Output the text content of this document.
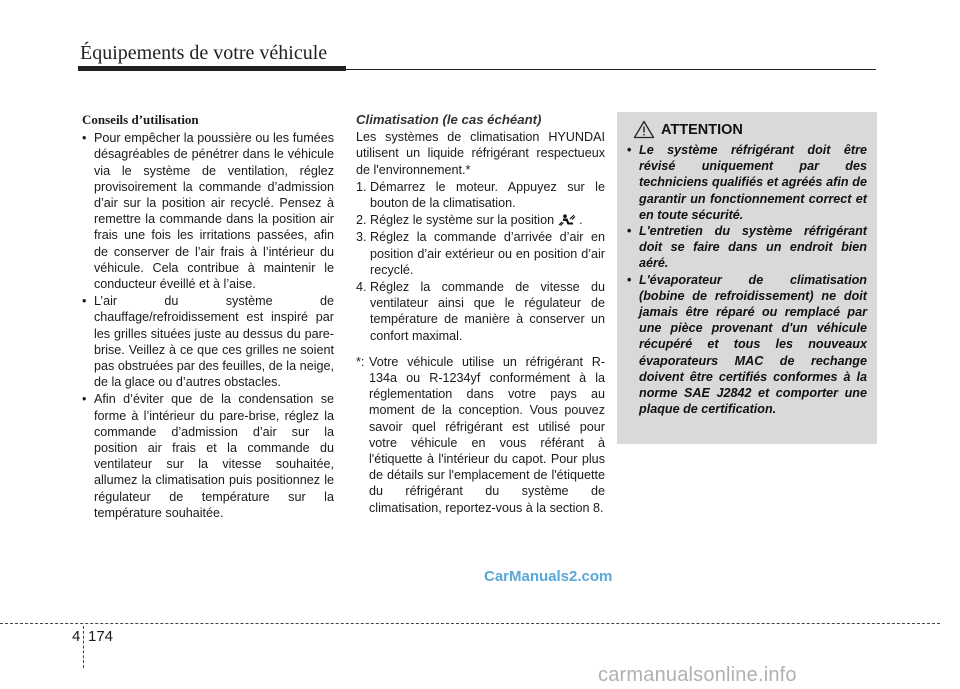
Équipements de votre véhicule
Conseils d’utilisation
• Pour empêcher la poussière ou les fumées désagréables de pénétrer dans le véhicule via le système de ventilation, réglez provisoirement la commande d’admission d’air sur la position air recyclé. Pensez à remettre la commande dans la position air frais une fois les irritations passées, afin de conserver de l’air frais à l’intérieur du véhicule. Cela contribue à maintenir le conducteur éveillé et à l’aise.
• L’air du système de chauffage/refroidissement est inspiré par les grilles situées juste au dessus du pare-brise. Veillez à ce que ces grilles ne soient pas obstruées par des feuilles, de la neige, de la glace ou d’autres obstacles.
• Afin d’éviter que de la condensation se forme à l’intérieur du pare-brise, réglez la commande d’admission d’air sur la position air frais et la commande du ventilateur sur la vitesse souhaitée, allumez la climatisation puis positionnez le régulateur de température sur la température souhaitée.
Climatisation (le cas échéant)
Les systèmes de climatisation HYUNDAI utilisent un liquide réfrigérant respectueux de l'environnement.*
1. Démarrez le moteur. Appuyez sur le bouton de la climatisation.
2. Réglez le système sur la position .
3. Réglez la commande d’arrivée d’air en position d’air extérieur ou en position d’air recyclé.
4. Réglez la commande de vitesse du ventilateur ainsi que le régulateur de température de manière à conserver un confort maximal.
*: Votre véhicule utilise un réfrigérant R-134a ou R-1234yf conformément à la réglementation dans votre pays au moment de la conception. Vous pouvez savoir quel réfrigérant est utilisé pour votre véhicule en vous référant à l'étiquette à l'intérieur du capot. Pour plus de détails sur l'emplacement de l'étiquette du réfrigérant du système de climatisation, reportez-vous à la section 8.
ATTENTION
• Le système réfrigérant doit être révisé uniquement par des techniciens qualifiés et agréés afin de garantir un fonctionnement correct et en toute sécurité.
• L'entretien du système réfrigérant doit se faire dans un endroit bien aéré.
• L'évaporateur de climatisation (bobine de refroidissement) ne doit jamais être réparé ou remplacé par une pièce provenant d'un véhicule récupéré et tous les nouveaux évaporateurs MAC de rechange doivent être certifiés conformes à la norme SAE J2842 et comporter une plaque de certification.
CarManuals2.com
4 174
carmanualsonline.info
